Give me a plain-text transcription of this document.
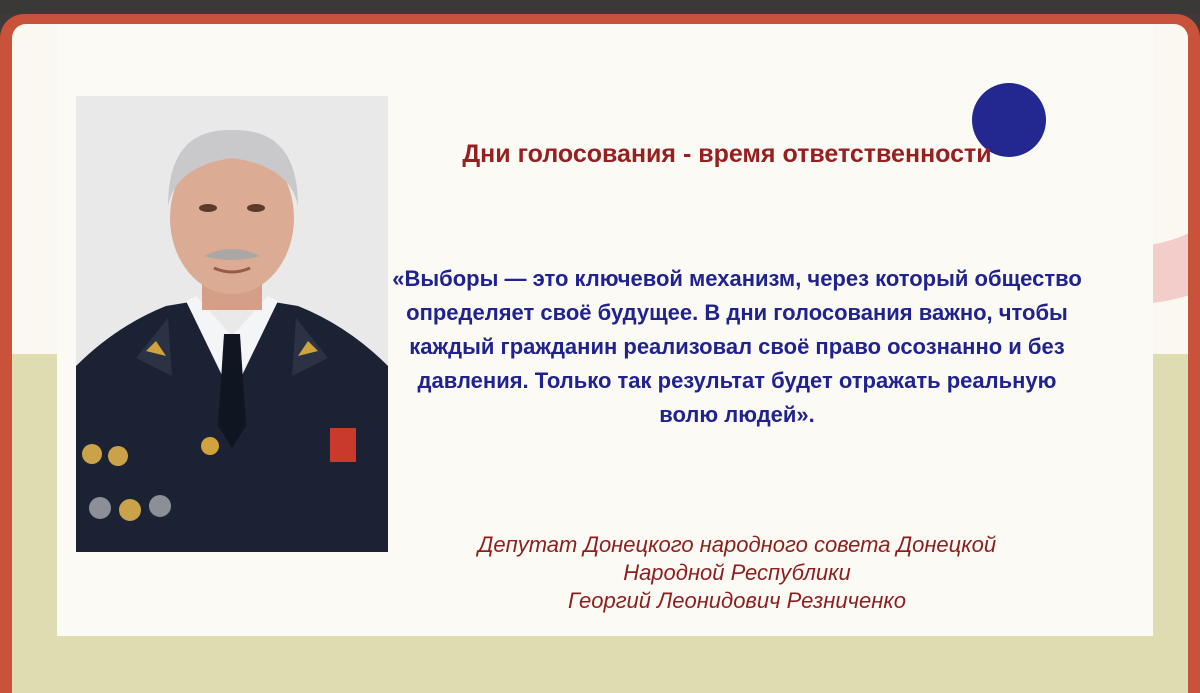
Дни голосования - время ответственности

«Выборы — это ключевой механизм, через который общество определяет своё будущее. В дни голосования важно, чтобы каждый гражданин реализовал своё право осознанно и без давления. Только так результат будет отражать реальную волю людей».

Депутат Донецкого народного совета Донецкой
Народной Республики
Георгий Леонидович Резниченко
